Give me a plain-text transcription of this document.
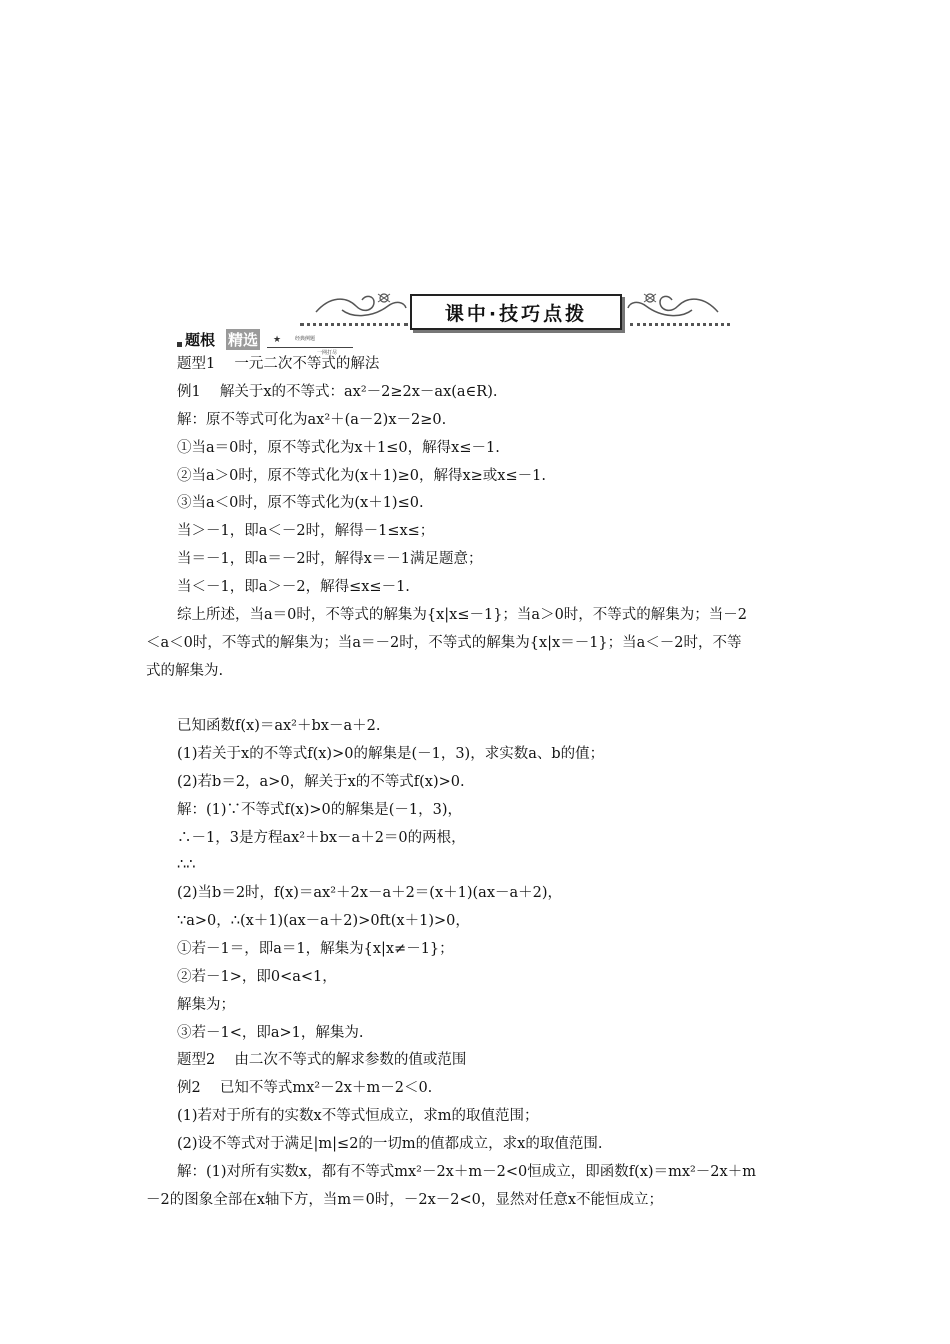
课中·技巧点拨
题根 精选 ★	经典例题
一网打尽
题型1　 一元二次不等式的解法
例1　 解关于x的不等式：ax²－2≥2x－ax(a∈R).
解：原不等式可化为ax²＋(a－2)x－2≥0.
①当a＝0时，原不等式化为x＋1≤0，解得x≤－1.
②当a＞0时，原不等式化为(x＋1)≥0，解得x≥或x≤－1.
③当a＜0时，原不等式化为(x＋1)≤0.
当＞－1，即a＜－2时，解得－1≤x≤；
当＝－1，即a＝－2时，解得x＝－1满足题意；
当＜－1，即a＞－2，解得≤x≤－1.
综上所述，当a＝0时，不等式的解集为{x|x≤－1}；当a＞0时，不等式的解集为；当－2
＜a＜0时，不等式的解集为；当a＝－2时，不等式的解集为{x|x＝－1}；当a＜－2时，不等
式的解集为.
已知函数f(x)＝ax²＋bx－a＋2.
(1)若关于x的不等式f(x)>0的解集是(－1，3)，求实数a、b的值；
(2)若b＝2，a>0，解关于x的不等式f(x)>0.
解：(1)∵不等式f(x)>0的解集是(－1，3)，
∴－1，3是方程ax²＋bx－a＋2＝0的两根，
∴∴
(2)当b＝2时，f(x)＝ax²＋2x－a＋2＝(x＋1)(ax－a＋2)，
∵a>0，∴(x＋1)(ax－a＋2)>0ft(x＋1)>0，
①若－1＝，即a＝1，解集为{x|x≠－1}；
②若－1>，即0<a<1，
解集为；
③若－1<，即a>1，解集为.
题型2　 由二次不等式的解求参数的值或范围
例2　 已知不等式mx²－2x＋m－2＜0.
(1)若对于所有的实数x不等式恒成立，求m的取值范围；
(2)设不等式对于满足|m|≤2的一切m的值都成立，求x的取值范围.
解：(1)对所有实数x，都有不等式mx²－2x＋m－2<0恒成立，即函数f(x)＝mx²－2x＋m
－2的图象全部在x轴下方，当m＝0时，－2x－2<0，显然对任意x不能恒成立；
